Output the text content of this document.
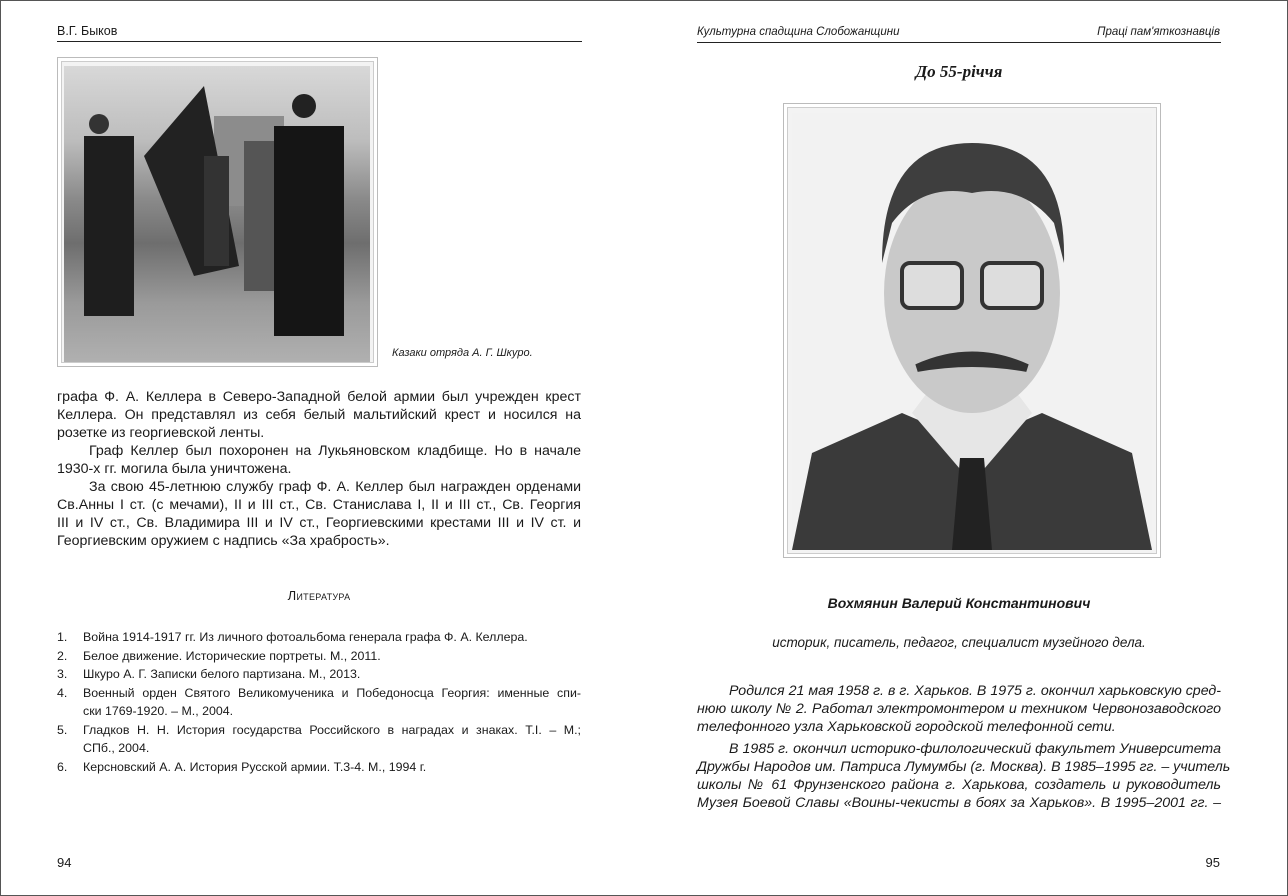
В.Г. Быков
Казаки отряда А. Г. Шкуро.
графа Ф. А. Келлера в Северо-Западной белой армии был учрежден крест
Келлера. Он представлял из себя белый мальтийский крест и носился на
розетке из георгиевской ленты.
Граф Келлер был похоронен на Лукьяновском кладбище. Но в начале
1930-х гг. могила была уничтожена.
За свою 45-летнюю службу граф Ф. А. Келлер был награжден орденами
Св.Анны I ст. (с мечами), II и III ст., Св. Станислава I, II и III ст., Св. Георгия
III и IV ст., Св. Владимира III и IV ст., Георгиевскими крестами III и IV ст. и
Георгиевским оружием с надпись «За храбрость».
Литература
1.	Война 1914-1917 гг. Из личного фотоальбома генерала графа Ф. А. Келлера.
2.	Белое движение. Исторические портреты. М., 2011.
3.	Шкуро А. Г. Записки белого партизана. М., 2013.
4.	Военный орден Святого Великомученика и Победоносца Георгия: именные спи-
ски 1769-1920. – М., 2004.
5.	Гладков Н. Н. История государства Российского в наградах и знаках. Т.I. – М.;
СПб., 2004.
6.	Керсновский А. А. История Русской армии. Т.3-4. М., 1994 г.
94
Культурна спадщина Слобожанщини	Праці пам'яткознавців
До 55-річчя
Вохмянин Валерий Константинович
историк, писатель, педагог, специалист музейного дела.
Родился 21 мая 1958 г. в г. Харьков. В 1975 г. окончил харьковскую сред-
нюю школу № 2. Работал электромонтером и техником Червонозаводского
телефонного узла Харьковской городской телефонной сети.
В 1985 г. окончил историко-филологический факультет Университета
Дружбы Народов им. Патриса Лумумбы (г. Москва). В 1985–1995 гг. – учитель
школы № 61 Фрунзенского района г. Харькова, создатель и руководитель
Музея Боевой Славы «Воины-чекисты в боях за Харьков». В 1995–2001 гг. –
95
